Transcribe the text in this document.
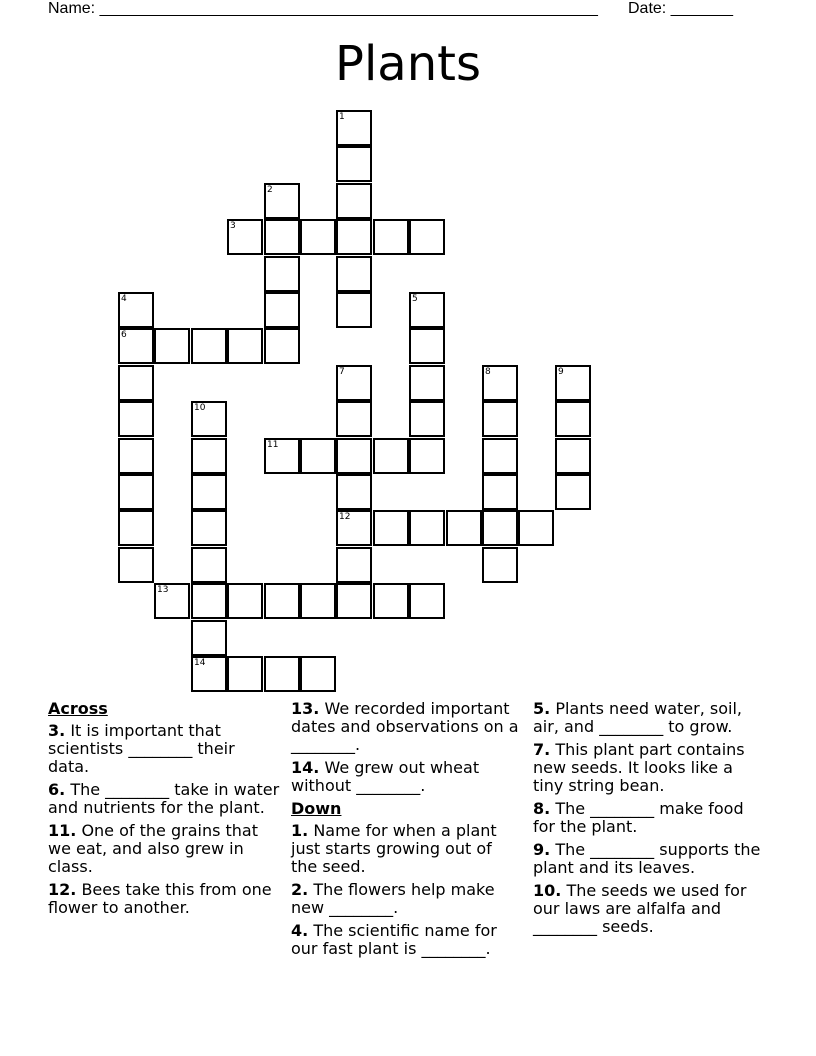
Name: ________________________________________________________ Date: _______
Plants
1
2
3
4	5
6
7	8	9
10
11
12
13
14
Across
3. It is important that scientists ________ their data.
6. The ________ take in water and nutrients for the plant.
11. One of the grains that we eat, and also grew in class.
12. Bees take this from one flower to another.
13. We recorded important dates and observations on a ________.
14. We grew out wheat without ________.
Down
1. Name for when a plant just starts growing out of the seed.
2. The flowers help make new ________.
4. The scientific name for our fast plant is ________.
5. Plants need water, soil, air, and ________ to grow.
7. This plant part contains new seeds. It looks like a tiny string bean.
8. The ________ make food for the plant.
9. The ________ supports the plant and its leaves.
10. The seeds we used for our laws are alfalfa and ________ seeds.
